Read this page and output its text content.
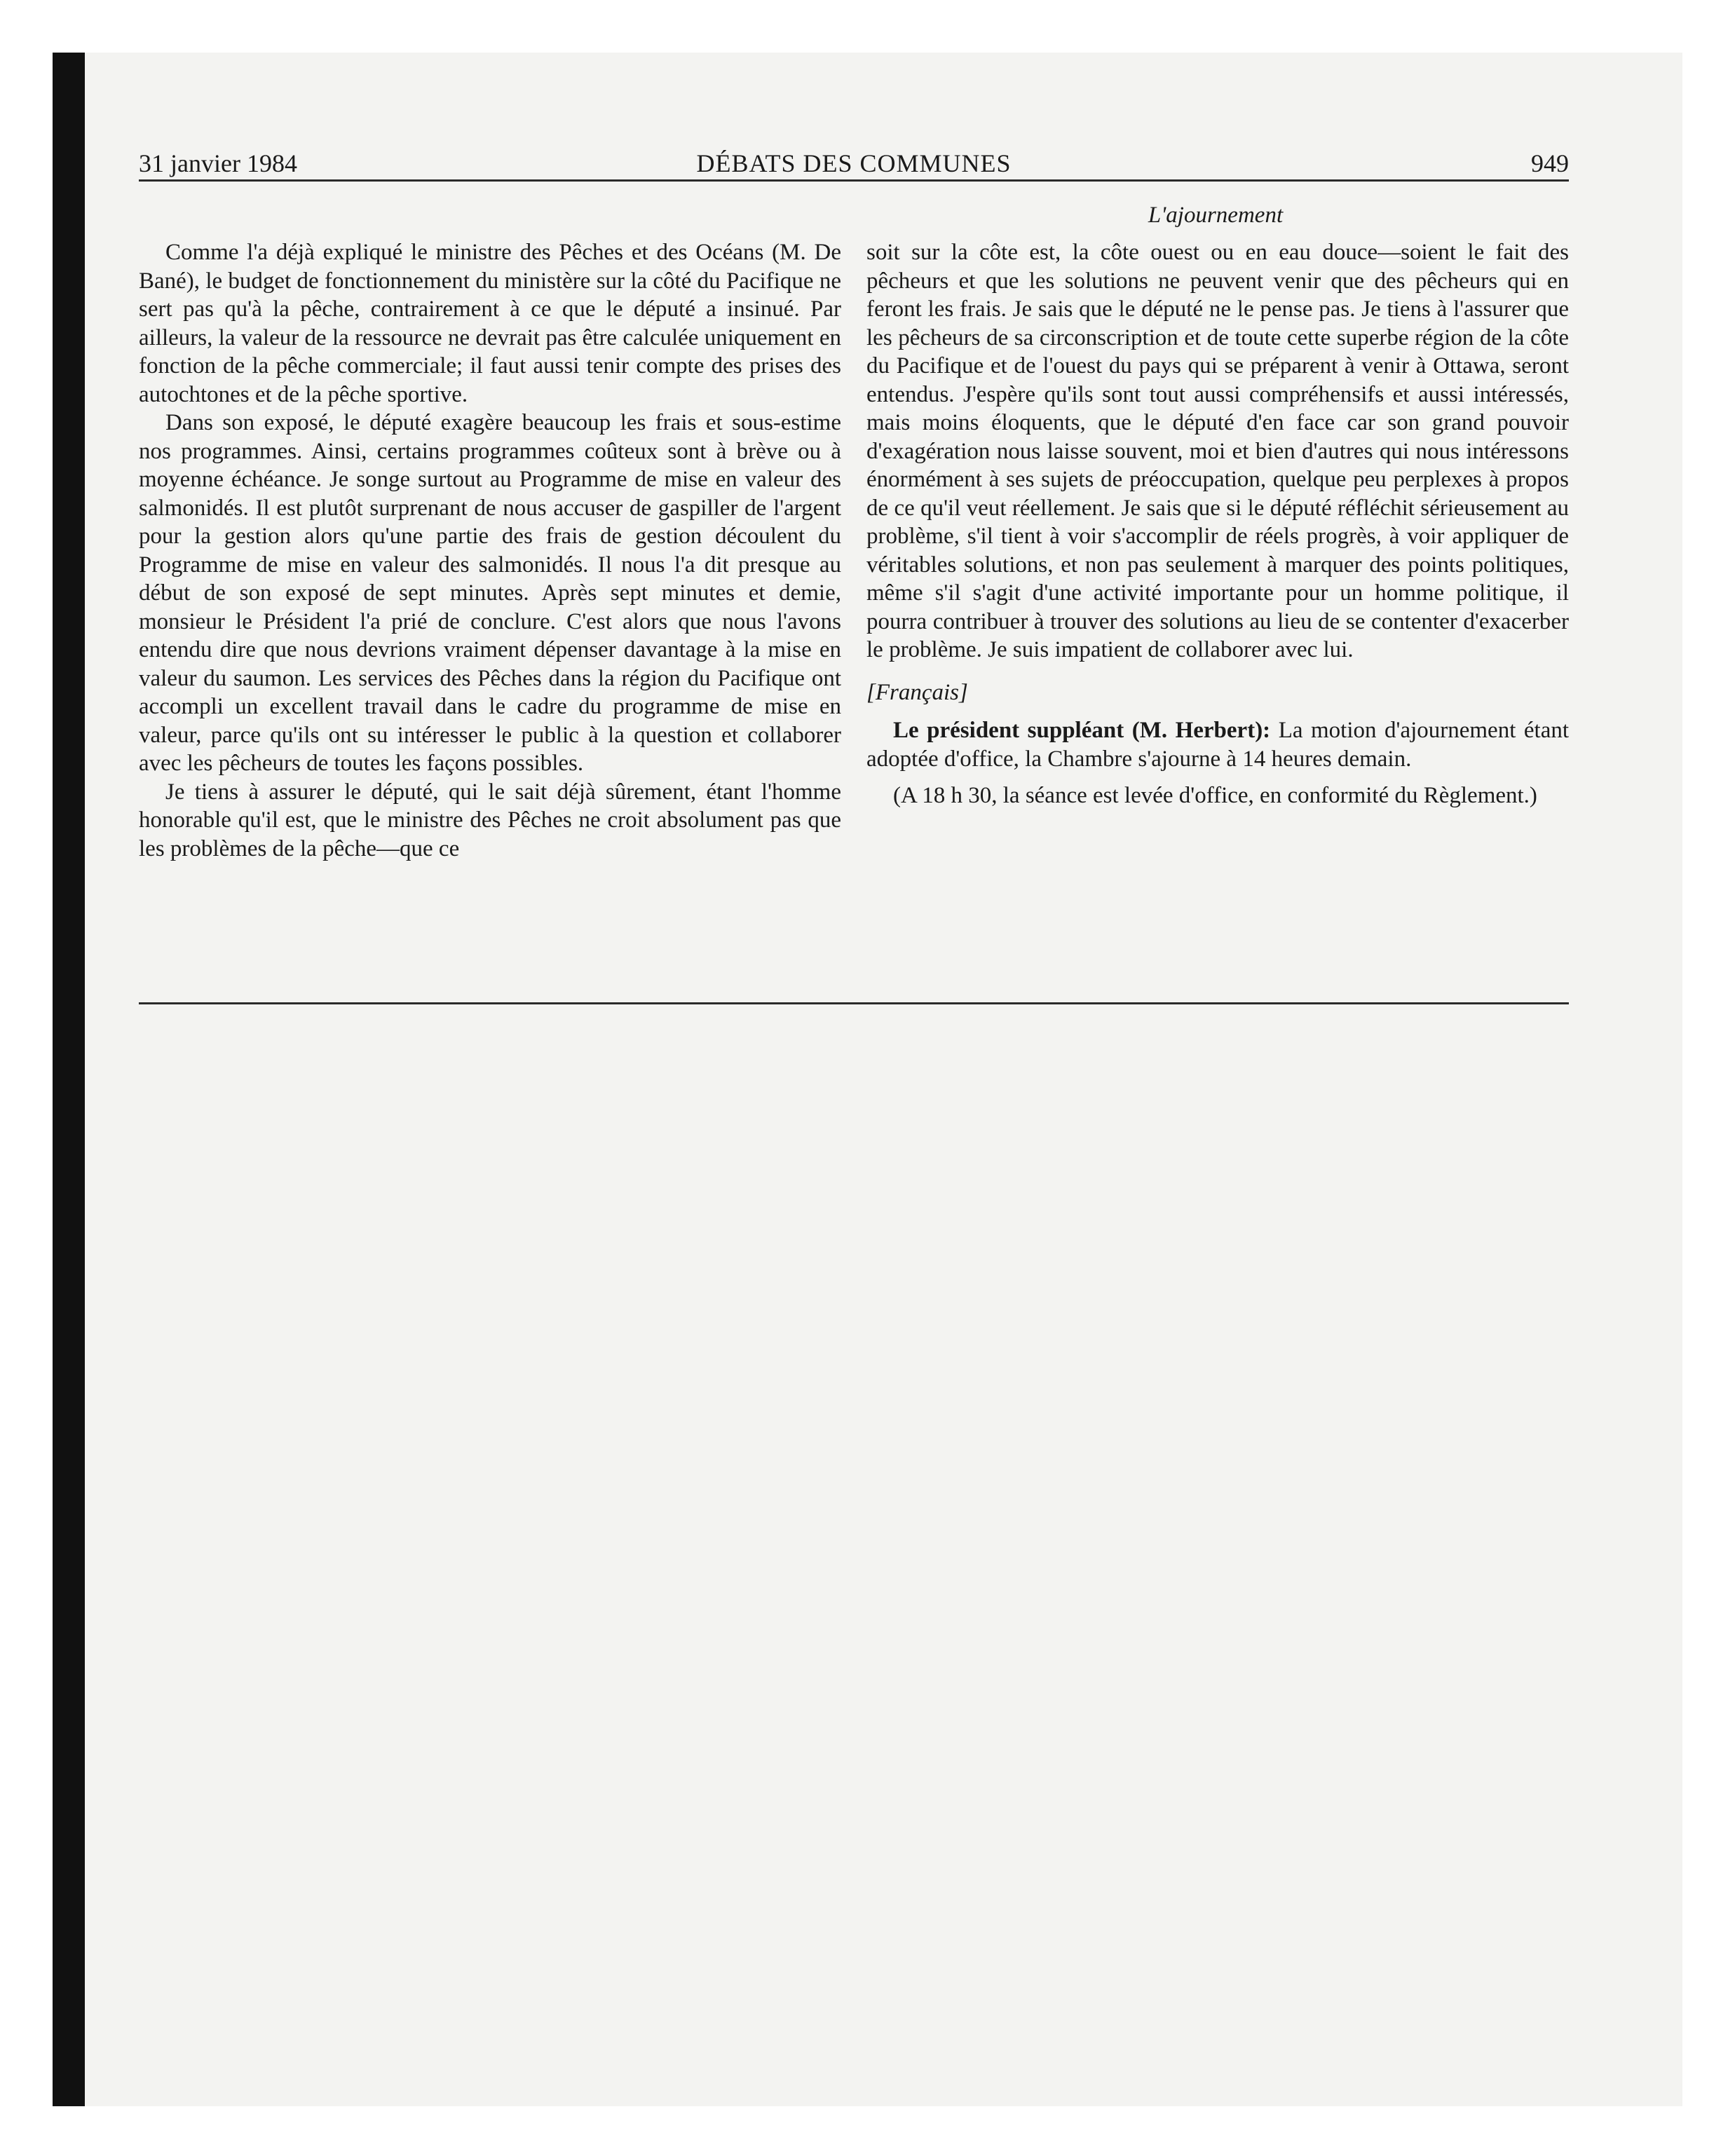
31 janvier 1984	DÉBATS DES COMMUNES	949
L'ajournement

Comme l'a déjà expliqué le ministre des Pêches et des Océans (M. De Bané), le budget de fonctionnement du ministère sur la côté du Pacifique ne sert pas qu'à la pêche, contrairement à ce que le député a insinué. Par ailleurs, la valeur de la ressource ne devrait pas être calculée uniquement en fonction de la pêche commerciale; il faut aussi tenir compte des prises des autochtones et de la pêche sportive.

Dans son exposé, le député exagère beaucoup les frais et sous-estime nos programmes. Ainsi, certains programmes coûteux sont à brève ou à moyenne échéance. Je songe surtout au Programme de mise en valeur des salmonidés. Il est plutôt surprenant de nous accuser de gaspiller de l'argent pour la gestion alors qu'une partie des frais de gestion découlent du Programme de mise en valeur des salmonidés. Il nous l'a dit presque au début de son exposé de sept minutes. Après sept minutes et demie, monsieur le Président l'a prié de conclure. C'est alors que nous l'avons entendu dire que nous devrions vraiment dépenser davantage à la mise en valeur du saumon. Les services des Pêches dans la région du Pacifique ont accompli un excellent travail dans le cadre du programme de mise en valeur, parce qu'ils ont su intéresser le public à la question et collaborer avec les pêcheurs de toutes les façons possibles.

Je tiens à assurer le député, qui le sait déjà sûrement, étant l'homme honorable qu'il est, que le ministre des Pêches ne croit absolument pas que les problèmes de la pêche—que ce

soit sur la côte est, la côte ouest ou en eau douce—soient le fait des pêcheurs et que les solutions ne peuvent venir que des pêcheurs qui en feront les frais. Je sais que le député ne le pense pas. Je tiens à l'assurer que les pêcheurs de sa circonscription et de toute cette superbe région de la côte du Pacifique et de l'ouest du pays qui se préparent à venir à Ottawa, seront entendus. J'espère qu'ils sont tout aussi compréhensifs et aussi intéressés, mais moins éloquents, que le député d'en face car son grand pouvoir d'exagération nous laisse souvent, moi et bien d'autres qui nous intéressons énormément à ses sujets de préoccupation, quelque peu perplexes à propos de ce qu'il veut réellement. Je sais que si le député réfléchit sérieusement au problème, s'il tient à voir s'accomplir de réels progrès, à voir appliquer de véritables solutions, et non pas seulement à marquer des points politiques, même s'il s'agit d'une activité importante pour un homme politique, il pourra contribuer à trouver des solutions au lieu de se contenter d'exacerber le problème. Je suis impatient de collaborer avec lui.

[Français]

Le président suppléant (M. Herbert): La motion d'ajournement étant adoptée d'office, la Chambre s'ajourne à 14 heures demain.

(A 18 h 30, la séance est levée d'office, en conformité du Règlement.)
